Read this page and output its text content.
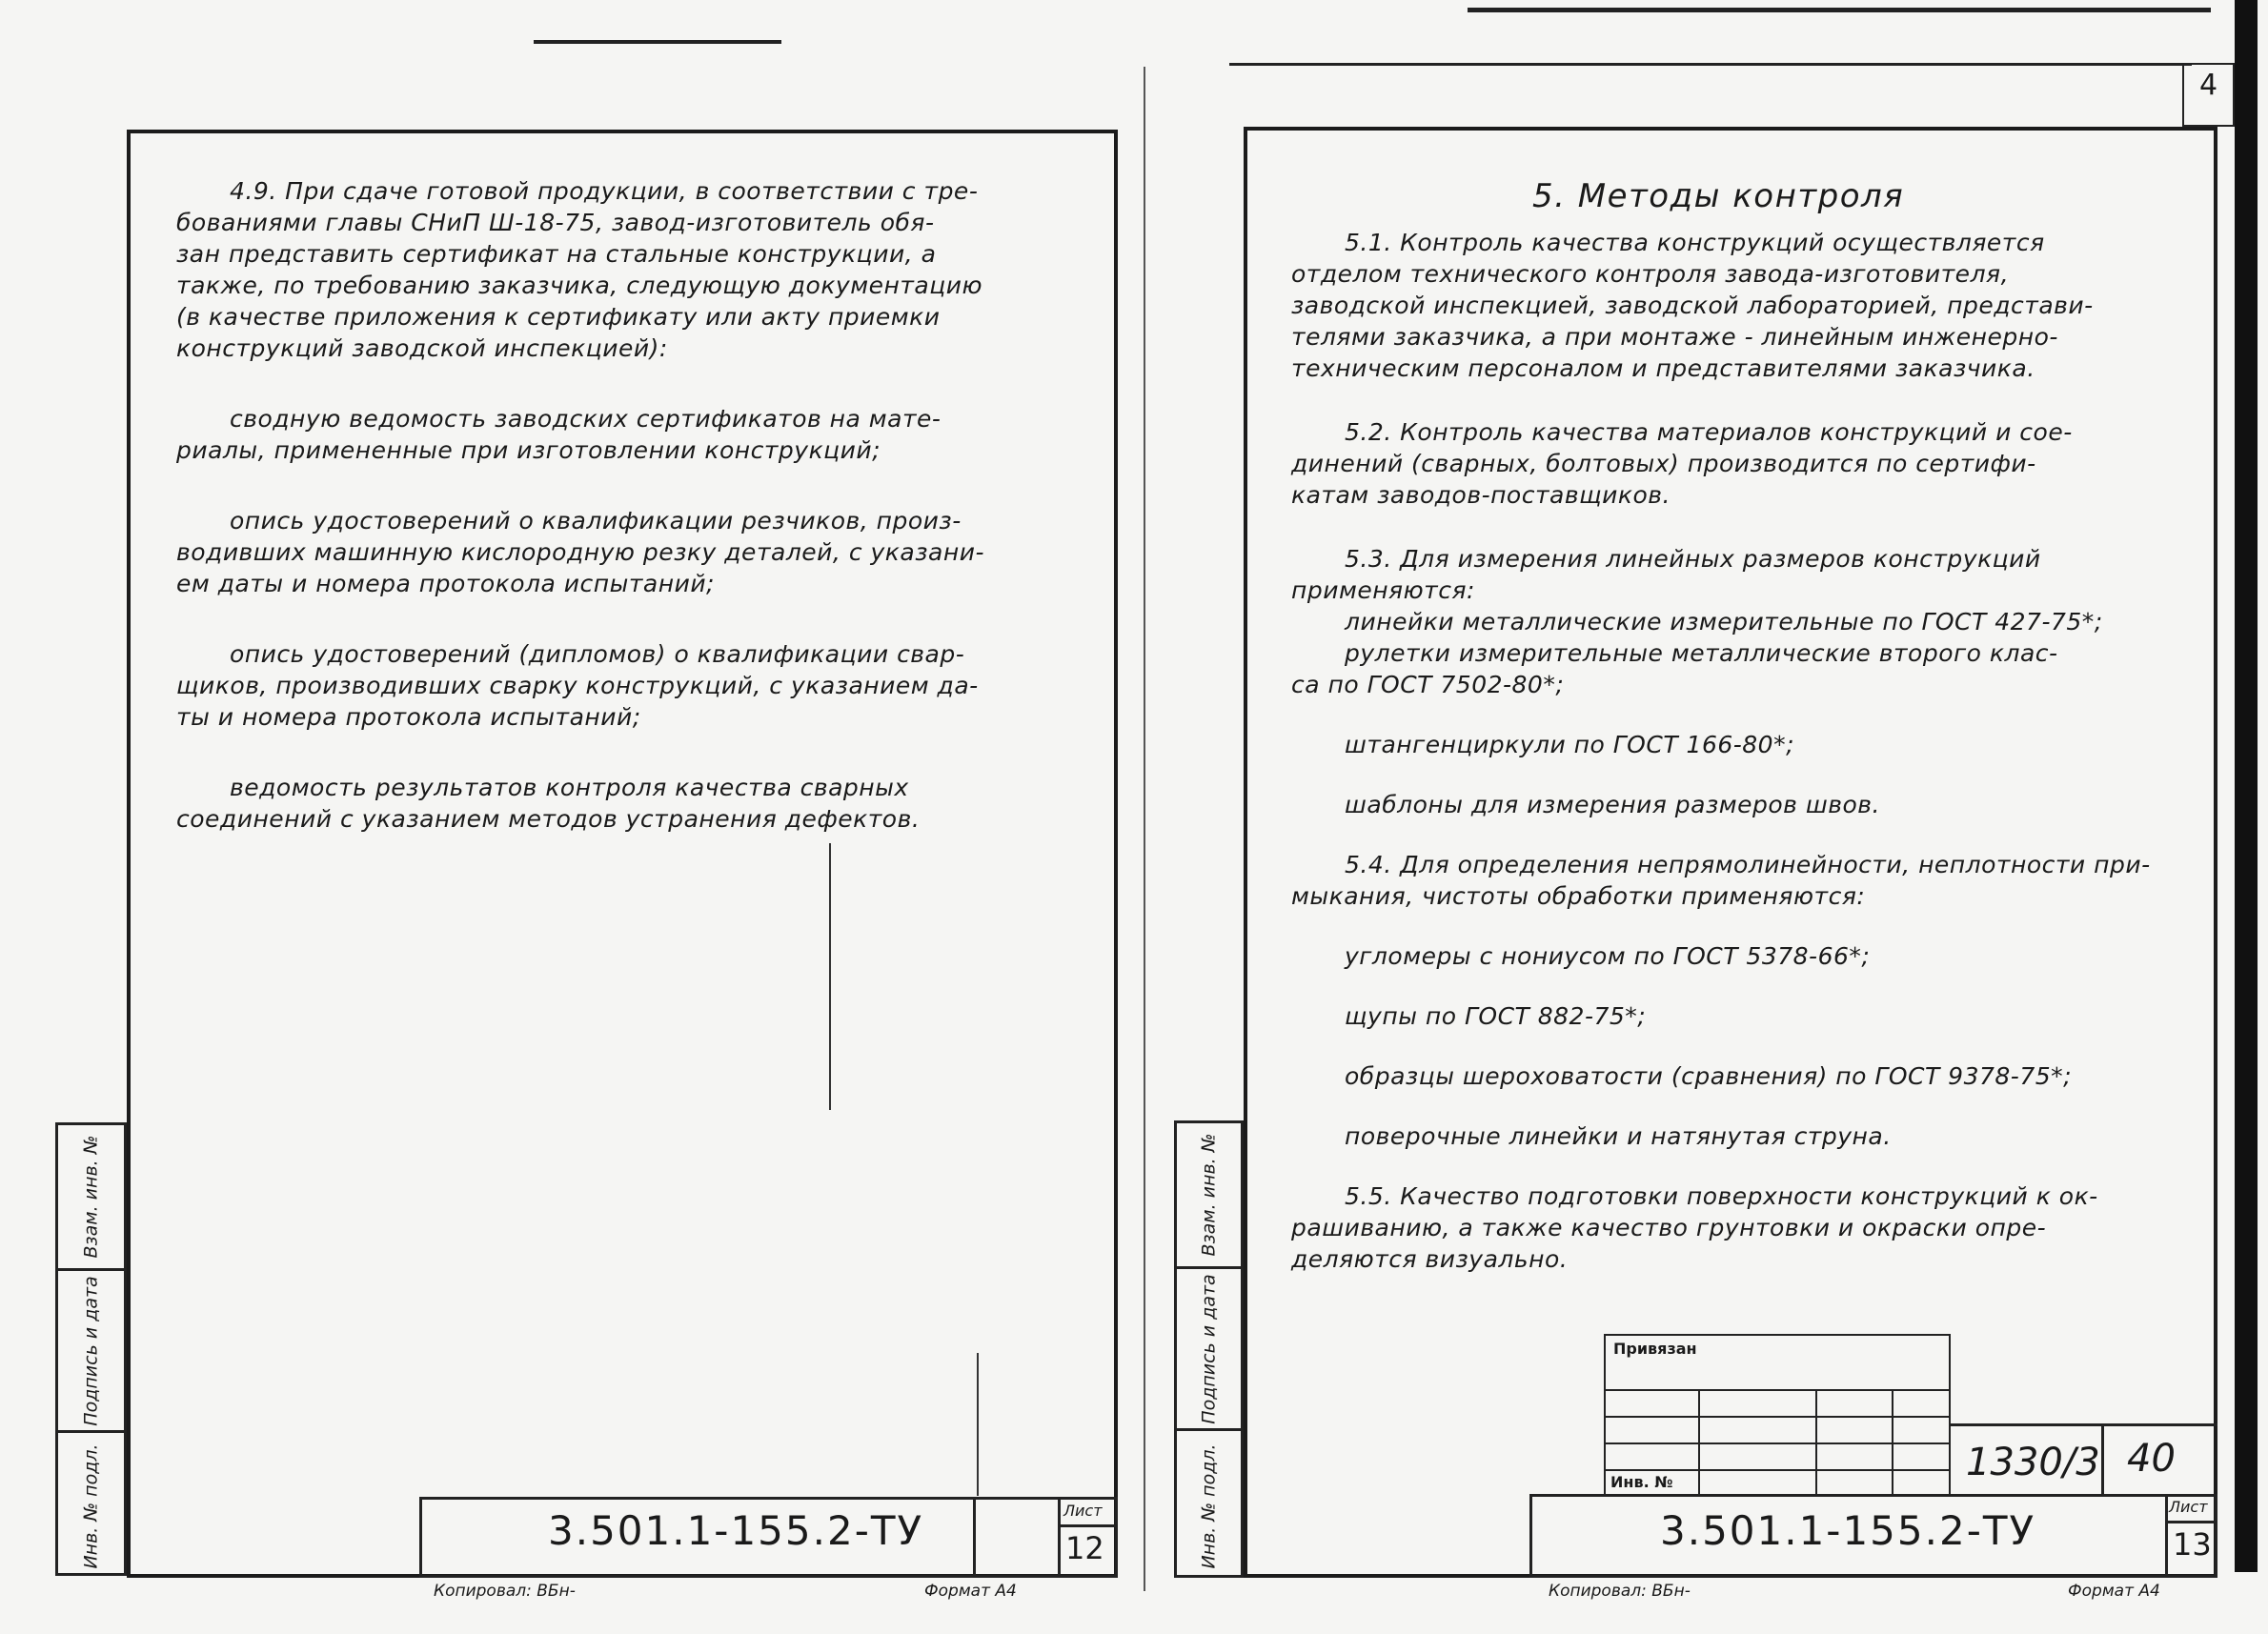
4.9. При сдаче готовой продукции, в соответствии с тре-
бованиями главы СНиП Ш-18-75, завод-изготовитель обя-
зан представить сертификат на стальные конструкции, а
также, по требованию заказчика, следующую документацию
(в качестве приложения к сертификату или акту приемки
конструкций заводской инспекцией):
сводную ведомость заводских сертификатов на мате-
риалы, примененные при изготовлении конструкций;
опись удостоверений о квалификации резчиков, произ-
водивших машинную кислородную резку деталей, с указани-
ем даты и номера протокола испытаний;
опись удостоверений (дипломов) о квалификации свар-
щиков, производивших сварку конструкций, с указанием да-
ты и номера протокола испытаний;
ведомость результатов контроля качества сварных
соединений с указанием методов устранения дефектов.
Инв. № подл.
Подпись и дата
Взам. инв. №
3.501.1-155.2-ТУ	Лист
12
Копировал: ВБн-	Формат А4
4
5. Методы контроля
5.1. Контроль качества конструкций осуществляется
отделом технического контроля завода-изготовителя,
заводской инспекцией, заводской лабораторией, представи-
телями заказчика, а при монтаже - линейным инженерно-
техническим персоналом и представителями заказчика.
5.2. Контроль качества материалов конструкций и сое-
динений (сварных, болтовых) производится по сертифи-
катам заводов-поставщиков.
5.3. Для измерения линейных размеров конструкций
применяются:
линейки металлические измерительные по ГОСТ 427-75*;
рулетки измерительные металлические второго клас-
са по ГОСТ 7502-80*;
штангенциркули по ГОСТ 166-80*;
шаблоны для измерения размеров швов.
5.4. Для определения непрямолинейности, неплотности при-
мыкания, чистоты обработки применяются:
угломеры с нониусом по ГОСТ 5378-66*;
щупы по ГОСТ 882-75*;
образцы шероховатости (сравнения) по ГОСТ 9378-75*;
поверочные линейки и натянутая струна.
5.5. Качество подготовки поверхности конструкций к ок-
рашиванию, а также качество грунтовки и окраски опре-
деляются визуально.
Инв. № подл.
Подпись и дата
Взам. инв. №
Привязан
Инв. №	1330/3 40
3.501.1-155.2-ТУ
Лист
13
Копировал: ВБн-	Формат А4
